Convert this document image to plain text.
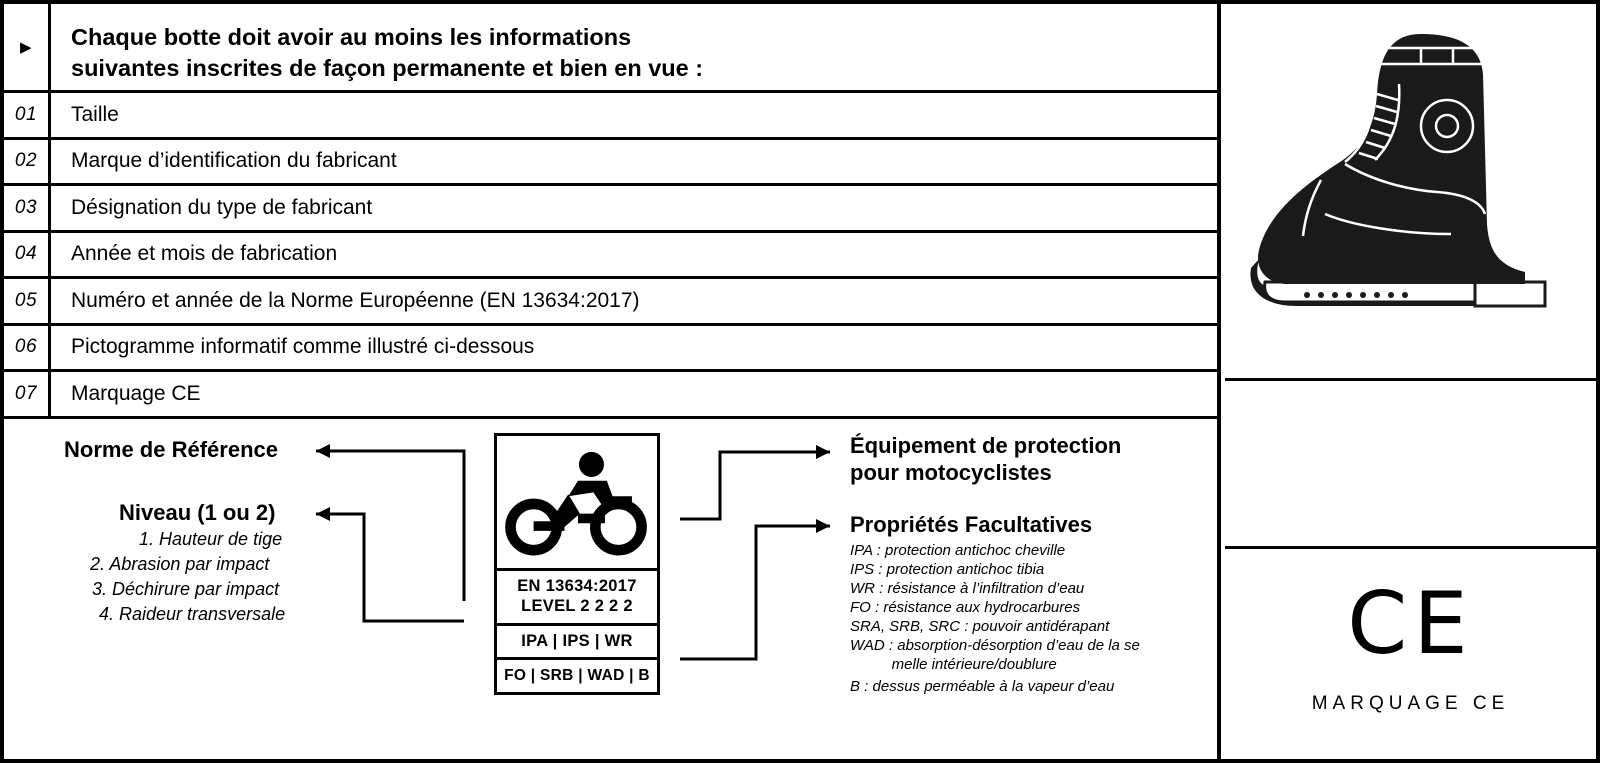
▶	Chaque botte doit avoir au moins les informations
suivantes inscrites de façon permanente et bien en vue :
01	Taille
02	Marque d’identification du fabricant
03	Désignation du type de fabricant
04	Année et mois de fabrication
05	Numéro et année de la Norme Européenne (EN 13634:2017)
06	Pictogramme informatif comme illustré ci-dessous
07	Marquage CE
Norme de Référence
Niveau (1 ou 2)
1. Hauteur de tige
2. Abrasion par impact
3. Déchirure par impact
4. Raideur transversale
EN 13634:2017
LEVEL 2 2 2 2
IPA | IPS | WR
FO | SRB | WAD | B
Équipement de protection
pour motocyclistes
Propriétés Facultatives
IPA : protection antichoc cheville
IPS : protection antichoc tibia
WR : résistance à l’infiltration d’eau
FO : résistance aux hydrocarbures
SRA, SRB, SRC : pouvoir antidérapant
WAD : absorption-désorption d’eau de la se
melle intérieure/doublure
B : dessus perméable à la vapeur d’eau
CE
MARQUAGE CE
